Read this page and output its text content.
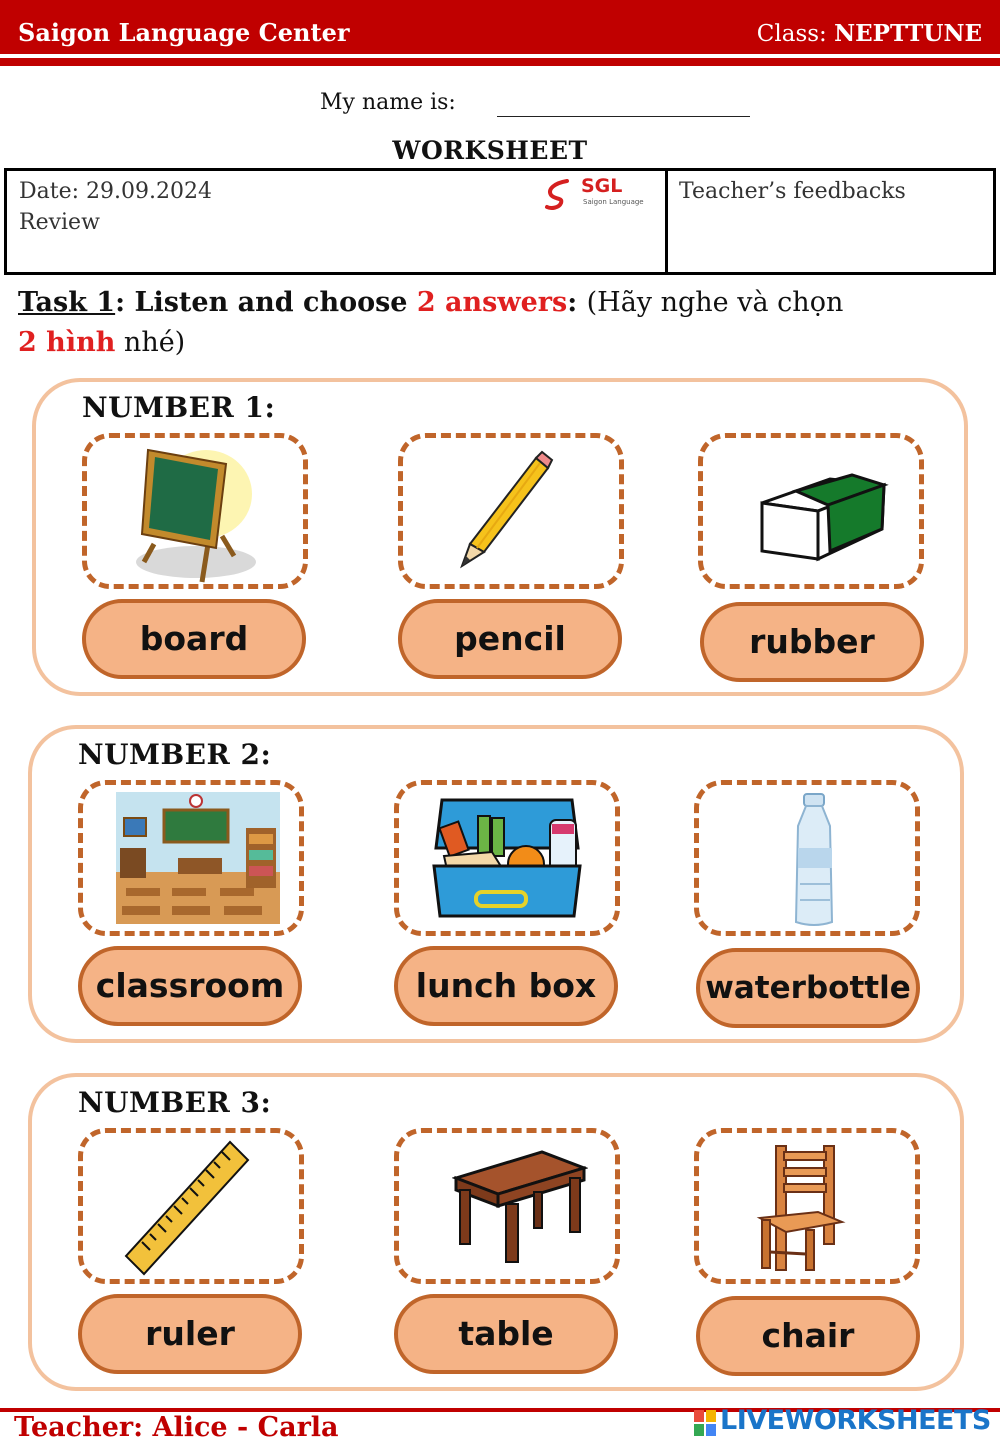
Saigon Language Center	Class: NEPTTUNE
My name is:
WORKSHEET
Date: 29.09.2024
Review
SGL
Saigon Language Teacher’s feedbacks
Task 1: Listen and choose 2 answers: (Hãy nghe và chọn
2 hình nhé)
NUMBER 1:
board	pencil	rubber
NUMBER 2:
classroom	lunch box	water bottle
NUMBER 3:
ruler	table	chair
Teacher: Alice - Carla	LIVEWORKSHEETS
